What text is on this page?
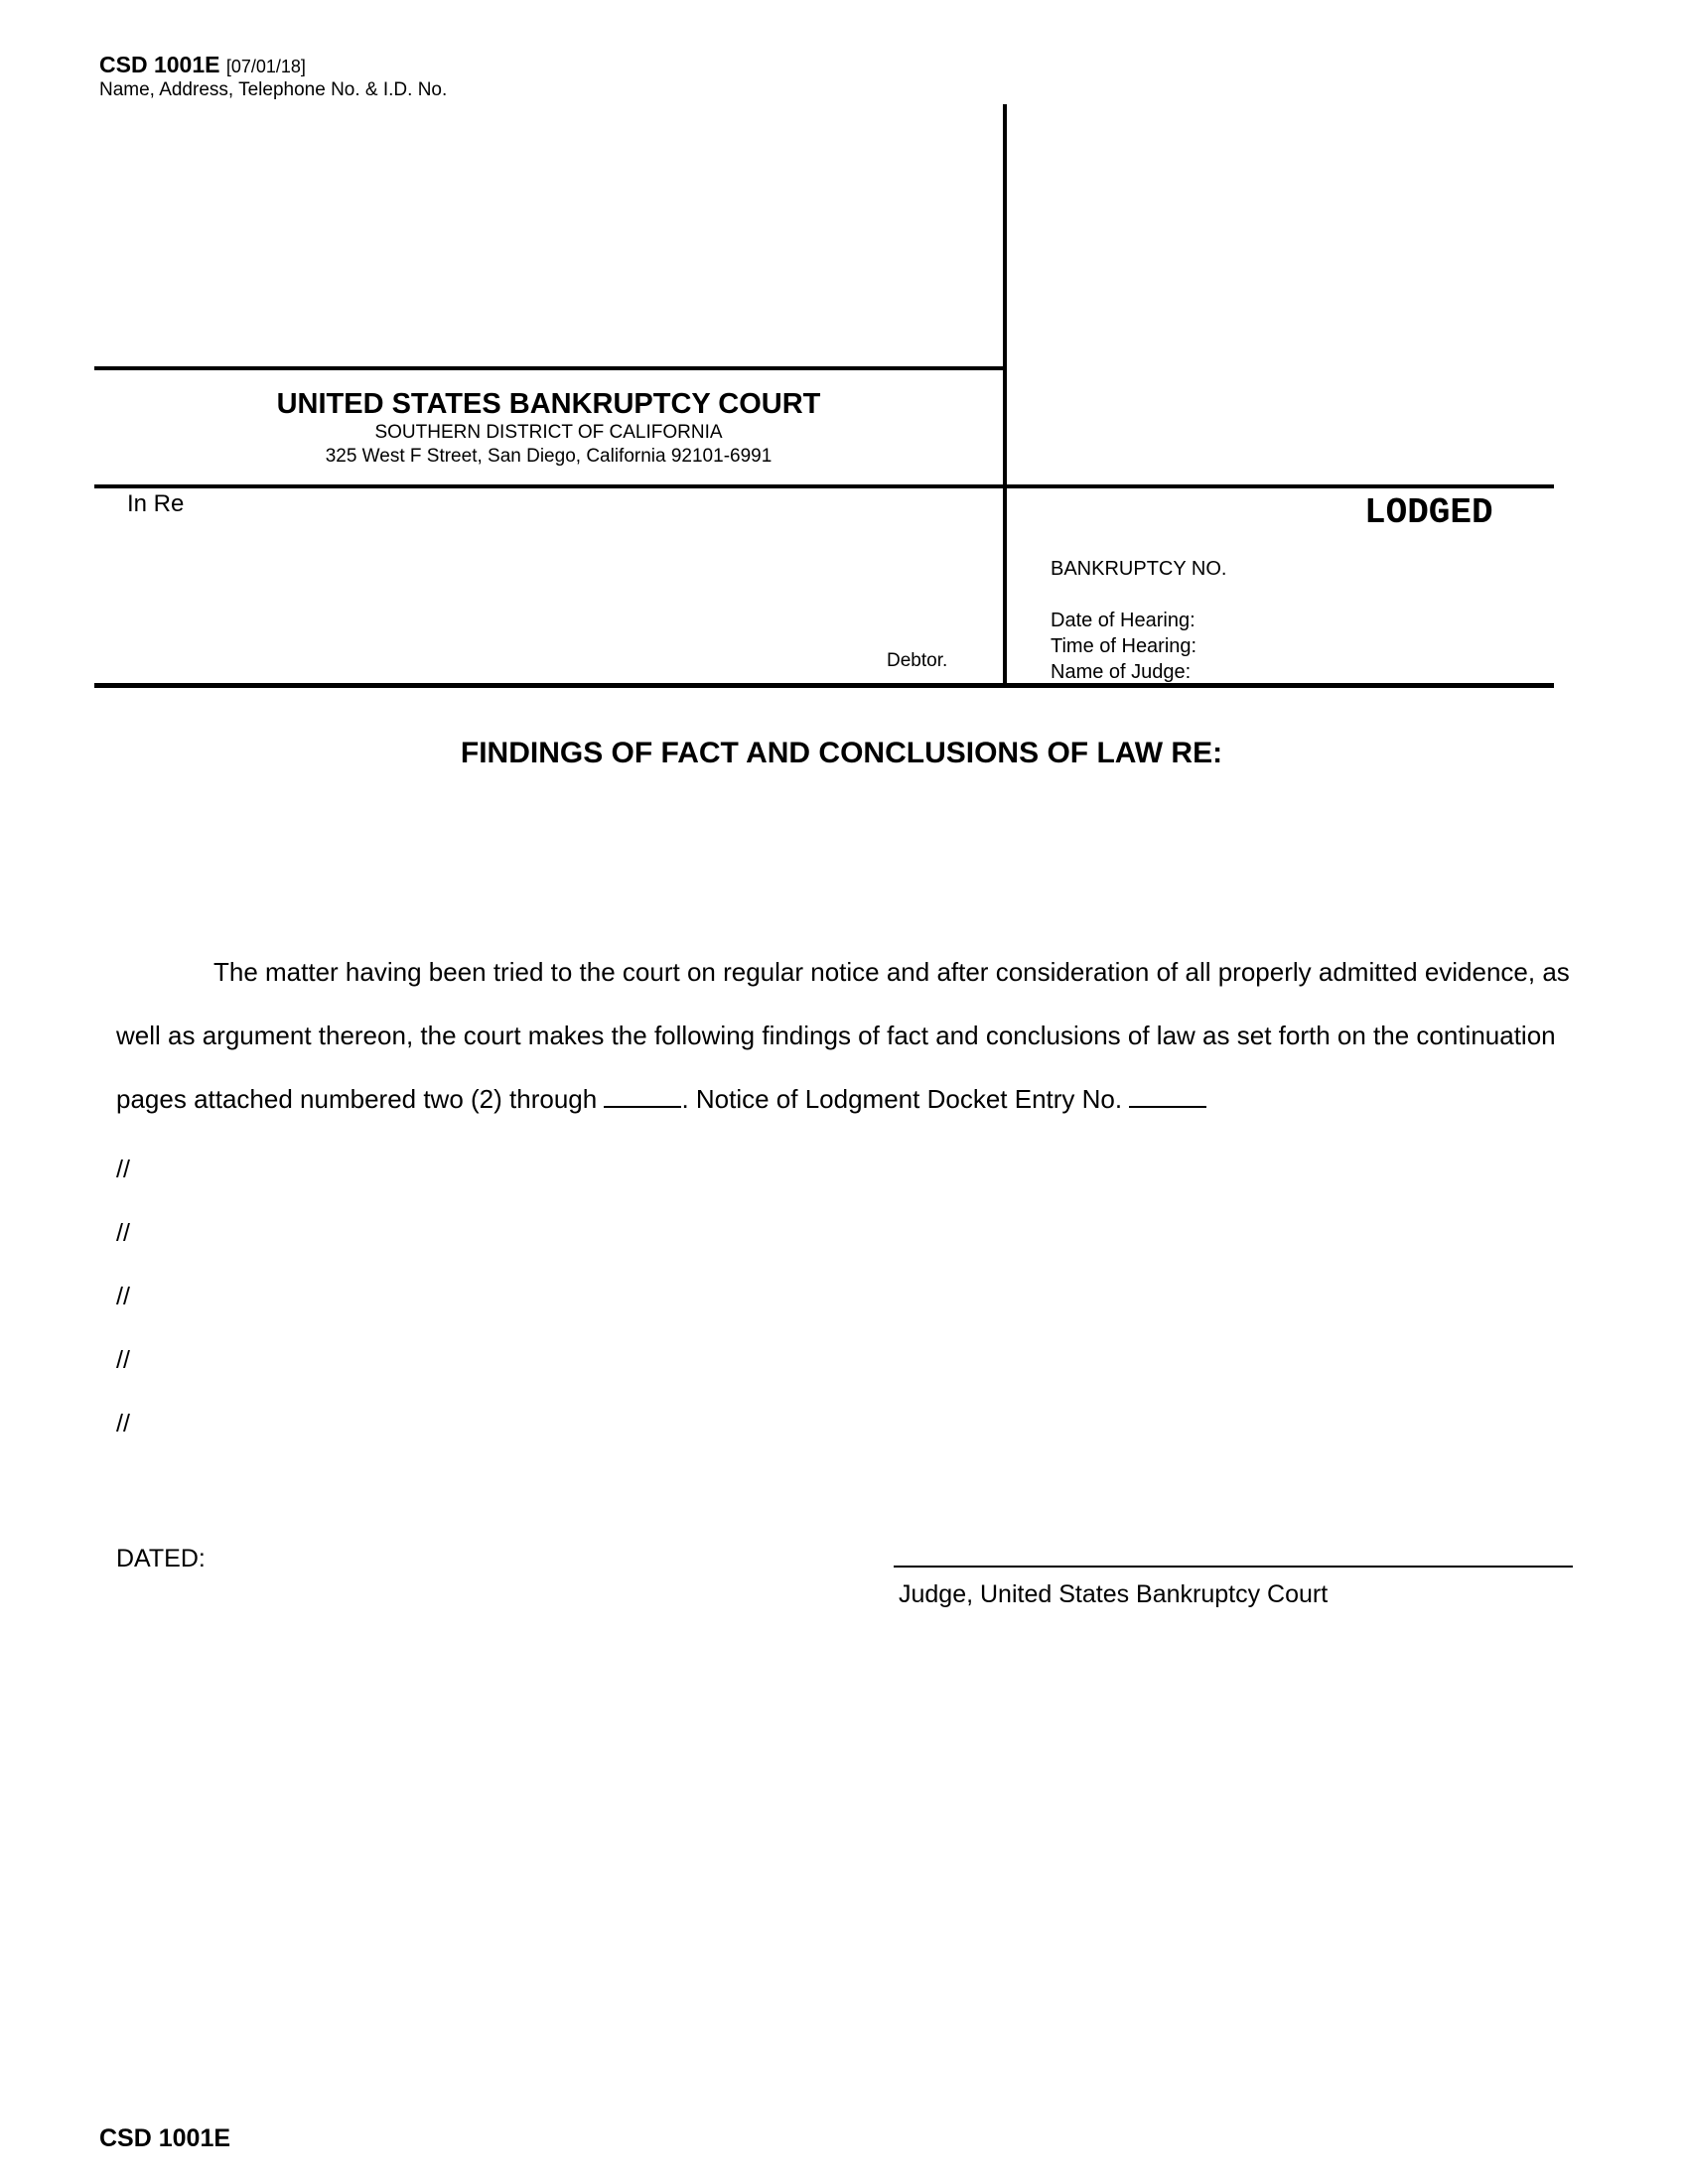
CSD 1001E [07/01/18]
Name, Address, Telephone No. & I.D. No.
UNITED STATES BANKRUPTCY COURT
SOUTHERN DISTRICT OF CALIFORNIA
325 West F Street, San Diego, California 92101-6991
In Re
Debtor.
LODGED
BANKRUPTCY NO.
Date of Hearing:
Time of Hearing:
Name of Judge:
FINDINGS OF FACT AND CONCLUSIONS OF LAW RE:
The matter having been tried to the court on regular notice and after consideration of all properly admitted evidence, as well as argument thereon, the court makes the following findings of fact and conclusions of law as set forth on the continuation pages attached numbered two (2) through	. Notice of Lodgment Docket Entry No.
//
//
//
//
//
DATED:
Judge, United States Bankruptcy Court
CSD 1001E
